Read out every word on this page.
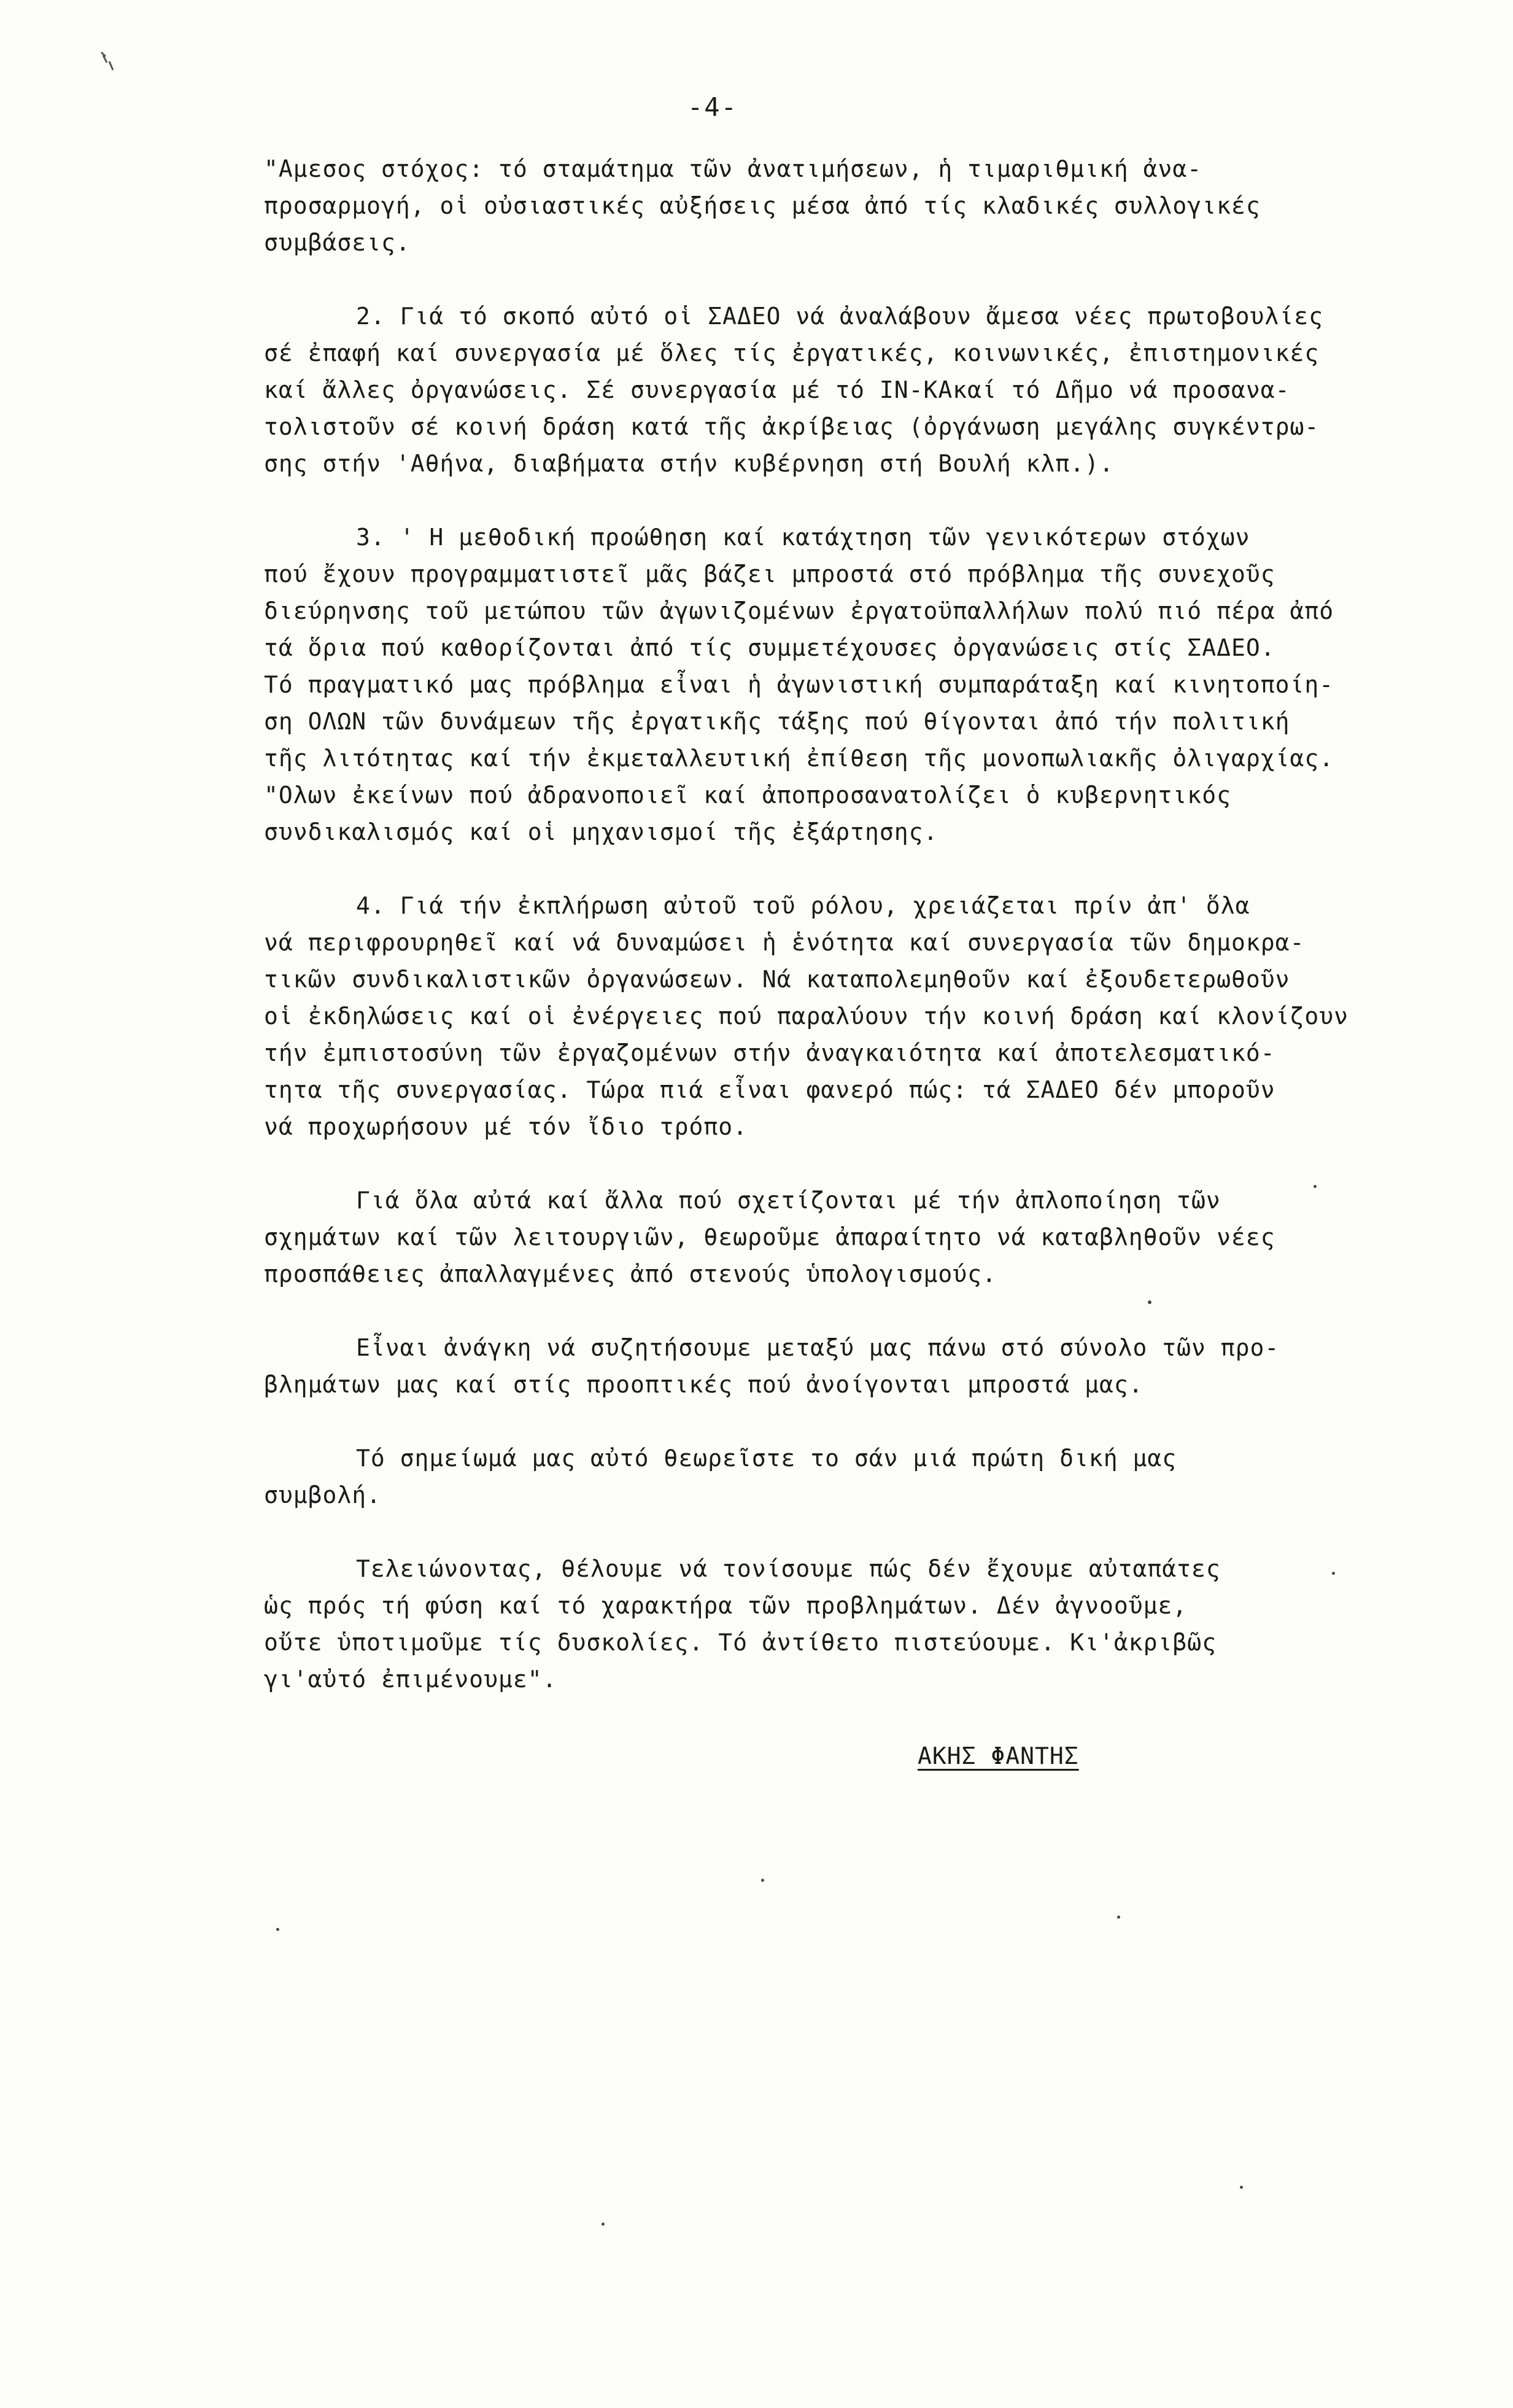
-4-
"Αμεσος στόχος: τό σταμάτημα τῶν ἀνατιμήσεων, ἡ τιμαριθμική ἀνα-
προσαρμογή, οἱ οὐσιαστικές αὐξήσεις μέσα ἀπό τίς κλαδικές συλλογικές
συμβάσεις.
2. Γιά τό σκοπό αὐτό οἱ ΣΑΔΕΟ νά ἀναλάβουν ἄμεσα νέες πρωτοβουλίες
σέ ἐπαφή καί συνεργασία μέ ὅλες τίς ἐργατικές, κοινωνικές, ἐπιστημονικές
καί ἄλλες ὀργανώσεις. Σέ συνεργασία μέ τό ΙΝ-ΚΑκαί τό Δῆμο νά προσανα-
τολιστοῦν σέ κοινή δράση κατά τῆς ἀκρίβειας (ὀργάνωση μεγάλης συγκέντρω-
σης στήν 'Αθήνα, διαβήματα στήν κυβέρνηση στή Βουλή κλπ.).
3. ' Η μεθοδική προώθηση καί κατάχτηση τῶν γενικότερων στόχων
πού ἔχουν προγραμματιστεῖ μᾶς βάζει μπροστά στό πρόβλημα τῆς συνεχοῦς
διεύρηνσης τοῦ μετώπου τῶν ἀγωνιζομένων ἐργατοϋπαλλήλων πολύ πιό πέρα ἀπό
τά ὅρια πού καθορίζονται ἀπό τίς συμμετέχουσες ὀργανώσεις στίς ΣΑΔΕΟ.
Τό πραγματικό μας πρόβλημα εἶναι ἡ ἀγωνιστική συμπαράταξη καί κινητοποίη-
ση ΟΛΩΝ τῶν δυνάμεων τῆς ἐργατικῆς τάξης πού θίγονται ἀπό τήν πολιτική
τῆς λιτότητας καί τήν ἐκμεταλλευτική ἐπίθεση τῆς μονοπωλιακῆς ὀλιγαρχίας.
"Ολων ἐκείνων πού ἀδρανοποιεῖ καί ἀποπροσανατολίζει ὁ κυβερνητικός
συνδικαλισμός καί οἱ μηχανισμοί τῆς ἐξάρτησης.
4. Γιά τήν ἐκπλήρωση αὐτοῦ τοῦ ρόλου, χρειάζεται πρίν ἀπ' ὅλα
νά περιφρουρηθεῖ καί νά δυναμώσει ἡ ἑνότητα καί συνεργασία τῶν δημοκρα-
τικῶν συνδικαλιστικῶν ὀργανώσεων. Νά καταπολεμηθοῦν καί ἐξουδετερωθοῦν
οἱ ἐκδηλώσεις καί οἱ ἐνέργειες πού παραλύουν τήν κοινή δράση καί κλονίζουν
τήν ἐμπιστοσύνη τῶν ἐργαζομένων στήν ἀναγκαιότητα καί ἀποτελεσματικό-
τητα τῆς συνεργασίας. Τώρα πιά εἶναι φανερό πώς: τά ΣΑΔΕΟ δέν μποροῦν
νά προχωρήσουν μέ τόν ἴδιο τρόπο.
Γιά ὅλα αὐτά καί ἄλλα πού σχετίζονται μέ τήν ἀπλοποίηση τῶν
σχημάτων καί τῶν λειτουργιῶν, θεωροῦμε ἀπαραίτητο νά καταβληθοῦν νέες
προσπάθειες ἀπαλλαγμένες ἀπό στενούς ὑπολογισμούς.
Εἶναι ἀνάγκη νά συζητήσουμε μεταξύ μας πάνω στό σύνολο τῶν προ-
βλημάτων μας καί στίς προοπτικές πού ἀνοίγονται μπροστά μας.
Τό σημείωμά μας αὐτό θεωρεῖστε το σάν μιά πρώτη δική μας
συμβολή.
Τελειώνοντας, θέλουμε νά τονίσουμε πώς δέν ἔχουμε αὐταπάτες
ὡς πρός τή φύση καί τό χαρακτήρα τῶν προβλημάτων. Δέν ἀγνοοῦμε,
οὔτε ὑποτιμοῦμε τίς δυσκολίες. Τό ἀντίθετο πιστεύουμε. Κι'ἀκριβῶς
γι'αὐτό ἐπιμένουμε".
ΑΚΗΣ ΦΑΝΤΗΣ
